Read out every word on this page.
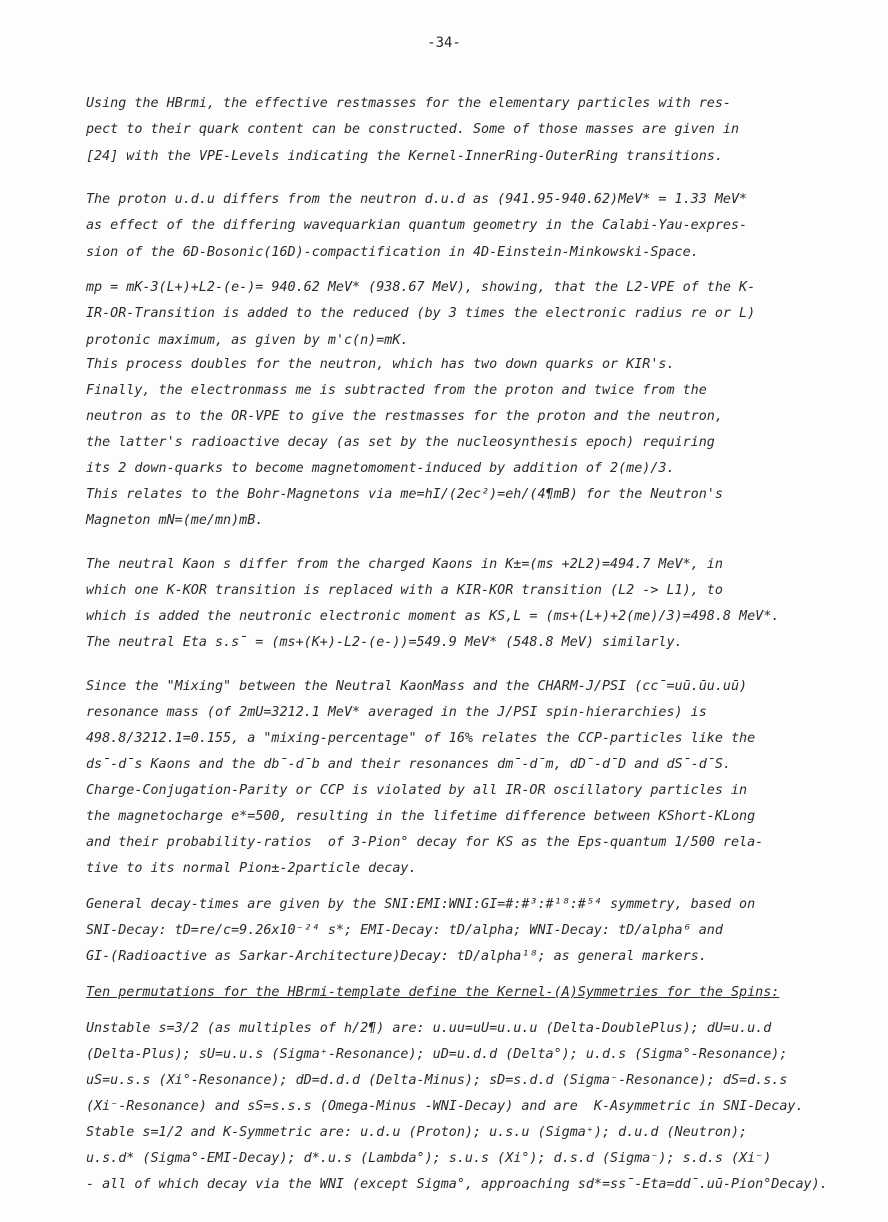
-34-
Using the HBrmi, the effective restmasses for the elementary particles with res-
pect to their quark content can be constructed. Some of those masses are given in
[24] with the VPE-Levels indicating the Kernel-InnerRing-OuterRing transitions.
The proton u.d.u differs from the neutron d.u.d as (941.95-940.62)MeV* = 1.33 MeV*
as effect of the differing wavequarkian quantum geometry in the Calabi-Yau-expres-
sion of the 6D-Bosonic(16D)-compactification in 4D-Einstein-Minkowski-Space.
mp = mK-3(L+)+L2-(e-)= 940.62 MeV* (938.67 MeV), showing, that the L2-VPE of the K-
IR-OR-Transition is added to the reduced (by 3 times the electronic radius re or L)
protonic maximum, as given by m'c(n)=mK.
This process doubles for the neutron, which has two down quarks or KIR's.
Finally, the electronmass me is subtracted from the proton and twice from the
neutron as to the OR-VPE to give the restmasses for the proton and the neutron,
the latter's radioactive decay (as set by the nucleosynthesis epoch) requiring
its 2 down-quarks to become magnetomoment-induced by addition of 2(me)/3.
This relates to the Bohr-Magnetons via me=hI/(2ec²)=eh/(4¶mB) for the Neutron's
Magneton mN=(me/mn)mB.
The neutral Kaon s differ from the charged Kaons in K±=(ms +2L2)=494.7 MeV*, in
which one K-KOR transition is replaced with a KIR-KOR transition (L2 -> L1), to
which is added the neutronic electronic moment as KS,L = (ms+(L+)+2(me)/3)=498.8 MeV*.
The neutral Eta s.s̄ = (ms+(K+)-L2-(e-))=549.9 MeV* (548.8 MeV) similarly.
Since the "Mixing" between the Neutral KaonMass and the CHARM-J/PSI (cc̄=uū.ūu.uū)
resonance mass (of 2mU=3212.1 MeV* averaged in the J/PSI spin-hierarchies) is
498.8/3212.1=0.155, a "mixing-percentage" of 16% relates the CCP-particles like the
ds̄-d̄s Kaons and the db̄-d̄b and their resonances dm̄-d̄m, dD̄-d̄D and dS̄-d̄S.
Charge-Conjugation-Parity or CCP is violated by all IR-OR oscillatory particles in
the magnetocharge e*=500, resulting in the lifetime difference between KShort-KLong
and their probability-ratios  of 3-Pion° decay for KS as the Eps-quantum 1/500 rela-
tive to its normal Pion±-2particle decay.
General decay-times are given by the SNI:EMI:WNI:GI=#:#³:#¹⁸:#⁵⁴ symmetry, based on
SNI-Decay: tD=re/c=9.26x10⁻²⁴ s*; EMI-Decay: tD/alpha; WNI-Decay: tD/alpha⁶ and
GI-(Radioactive as Sarkar-Architecture)Decay: tD/alpha¹⁸; as general markers.
Ten permutations for the HBrmi-template define the Kernel-(A)Symmetries for the Spins:
Unstable s=3/2 (as multiples of h/2¶) are: u.uu=uU=u.u.u (Delta-DoublePlus); dU=u.u.d
(Delta-Plus); sU=u.u.s (Sigma⁺-Resonance); uD=u.d.d (Delta°); u.d.s (Sigma°-Resonance);
uS=u.s.s (Xi°-Resonance); dD=d.d.d (Delta-Minus); sD=s.d.d (Sigma⁻-Resonance); dS=d.s.s
(Xi⁻-Resonance) and sS=s.s.s (Omega-Minus -WNI-Decay) and are  K-Asymmetric in SNI-Decay.
Stable s=1/2 and K-Symmetric are: u.d.u (Proton); u.s.u (Sigma⁺); d.u.d (Neutron);
u.s.d* (Sigma°-EMI-Decay); d*.u.s (Lambda°); s.u.s (Xi°); d.s.d (Sigma⁻); s.d.s (Xi⁻)
- all of which decay via the WNI (except Sigma°, approaching sd*=ss̄-Eta=dd̄.uū-Pion°Decay).
